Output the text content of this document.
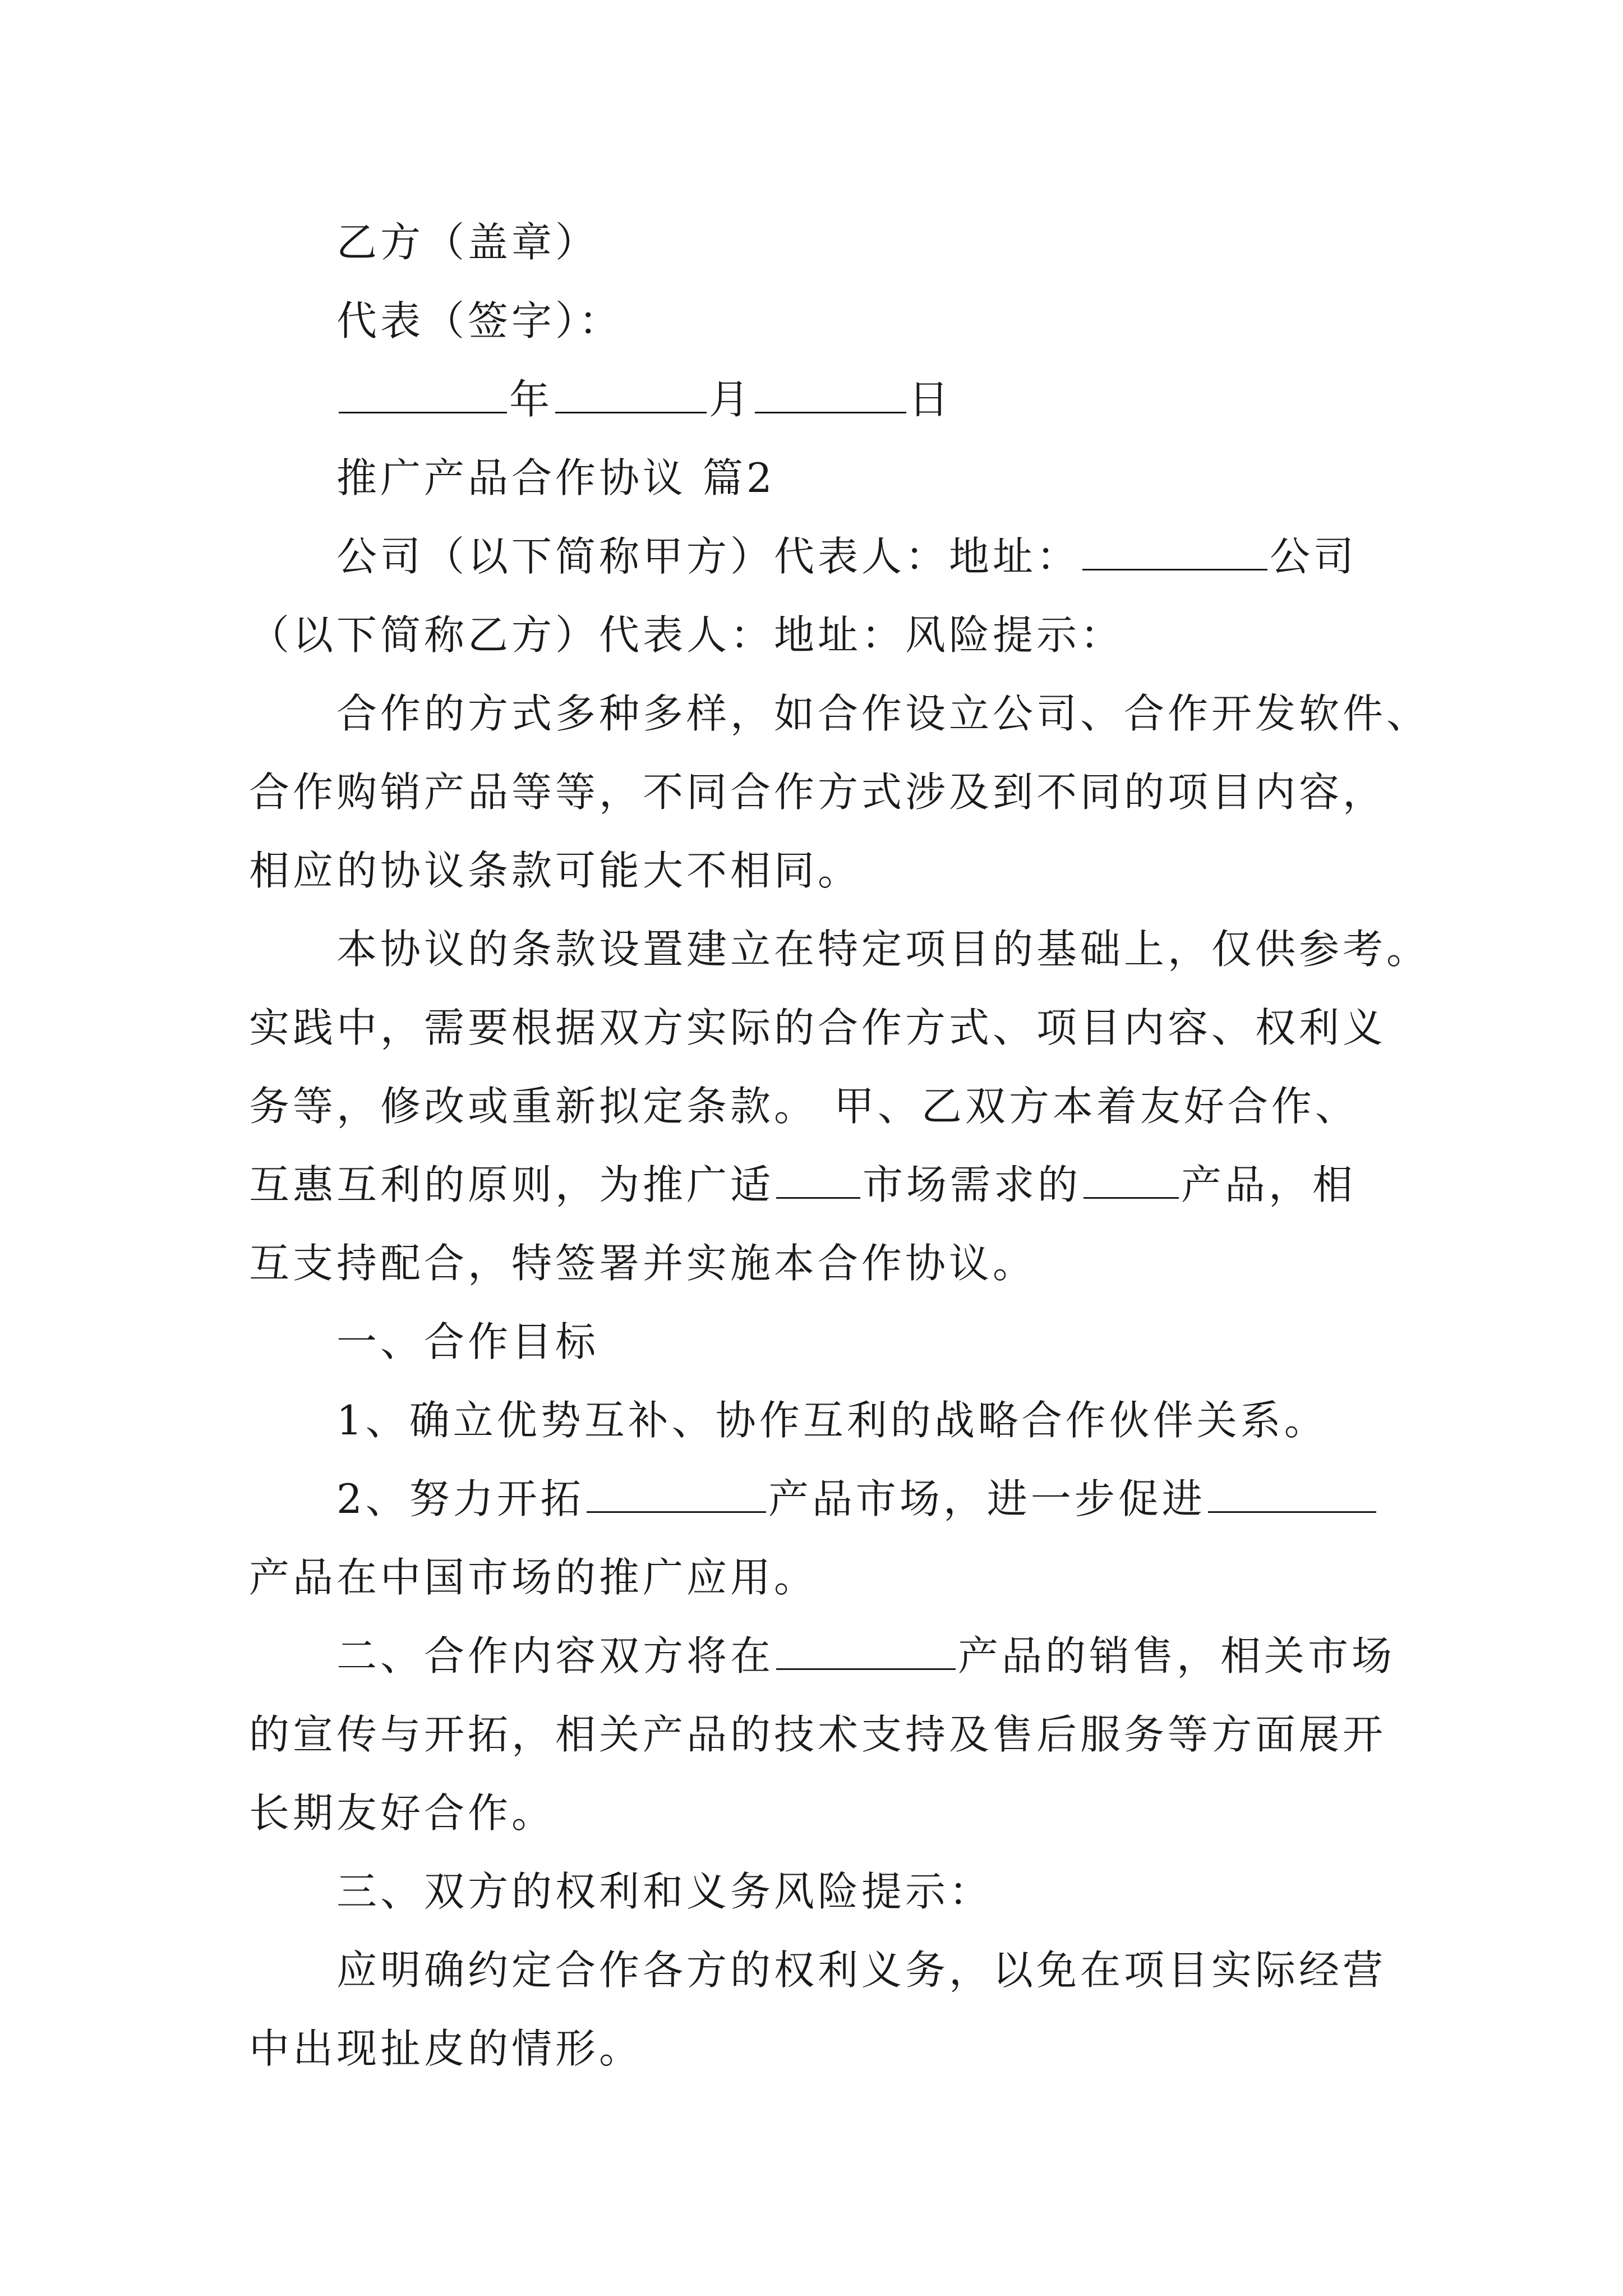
乙方（盖章）
代表（签字）：
年	月	日
推广产品合作协议 篇2
公司（以下简称甲方）代表人：地址：	公司
（以下简称乙方）代表人：地址：风险提示：
合作的方式多种多样，如合作设立公司、合作开发软件、
合作购销产品等等，不同合作方式涉及到不同的项目内容，
相应的协议条款可能大不相同。
本协议的条款设置建立在特定项目的基础上，仅供参考。
实践中，需要根据双方实际的合作方式、项目内容、权利义
务等，修改或重新拟定条款。 甲、乙双方本着友好合作、
互惠互利的原则，为推广适 市场需求的 产品，相
互支持配合，特签署并实施本合作协议。
一、合作目标
1、确立优势互补、协作互利的战略合作伙伴关系。
2、努力开拓	产品市场，进一步促进
产品在中国市场的推广应用。
二、合作内容双方将在	产品的销售，相关市场
的宣传与开拓，相关产品的技术支持及售后服务等方面展开
长期友好合作。
三、双方的权利和义务风险提示：
应明确约定合作各方的权利义务，以免在项目实际经营
中出现扯皮的情形。
